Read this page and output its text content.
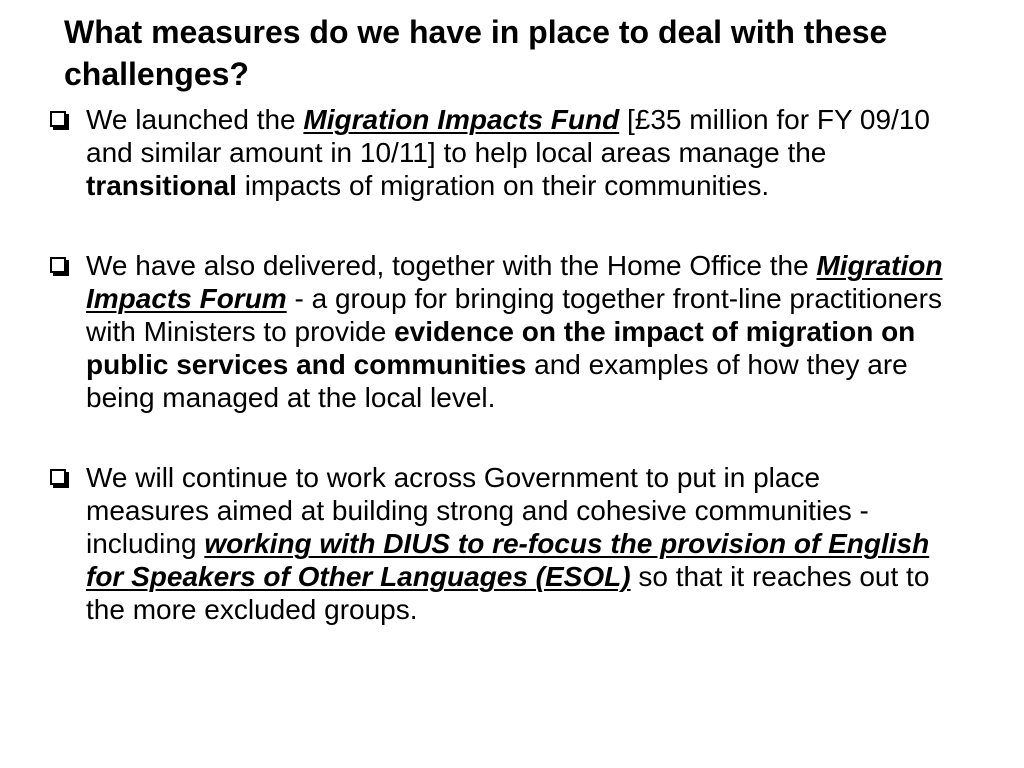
What measures do we have in place to deal with these challenges?
We launched the Migration Impacts Fund [£35 million for FY 09/10 and similar amount in 10/11] to help local areas manage the transitional impacts of migration on their communities.
We have also delivered, together with the Home Office the Migration Impacts Forum - a group for bringing together front-line practitioners with Ministers to provide evidence on the impact of migration on public services and communities and examples of how they are being managed at the local level.
We will continue to work across Government to put in place measures aimed at building strong and cohesive communities - including working with DIUS to re-focus the provision of English for Speakers of Other Languages (ESOL) so that it reaches out to the more excluded groups.
